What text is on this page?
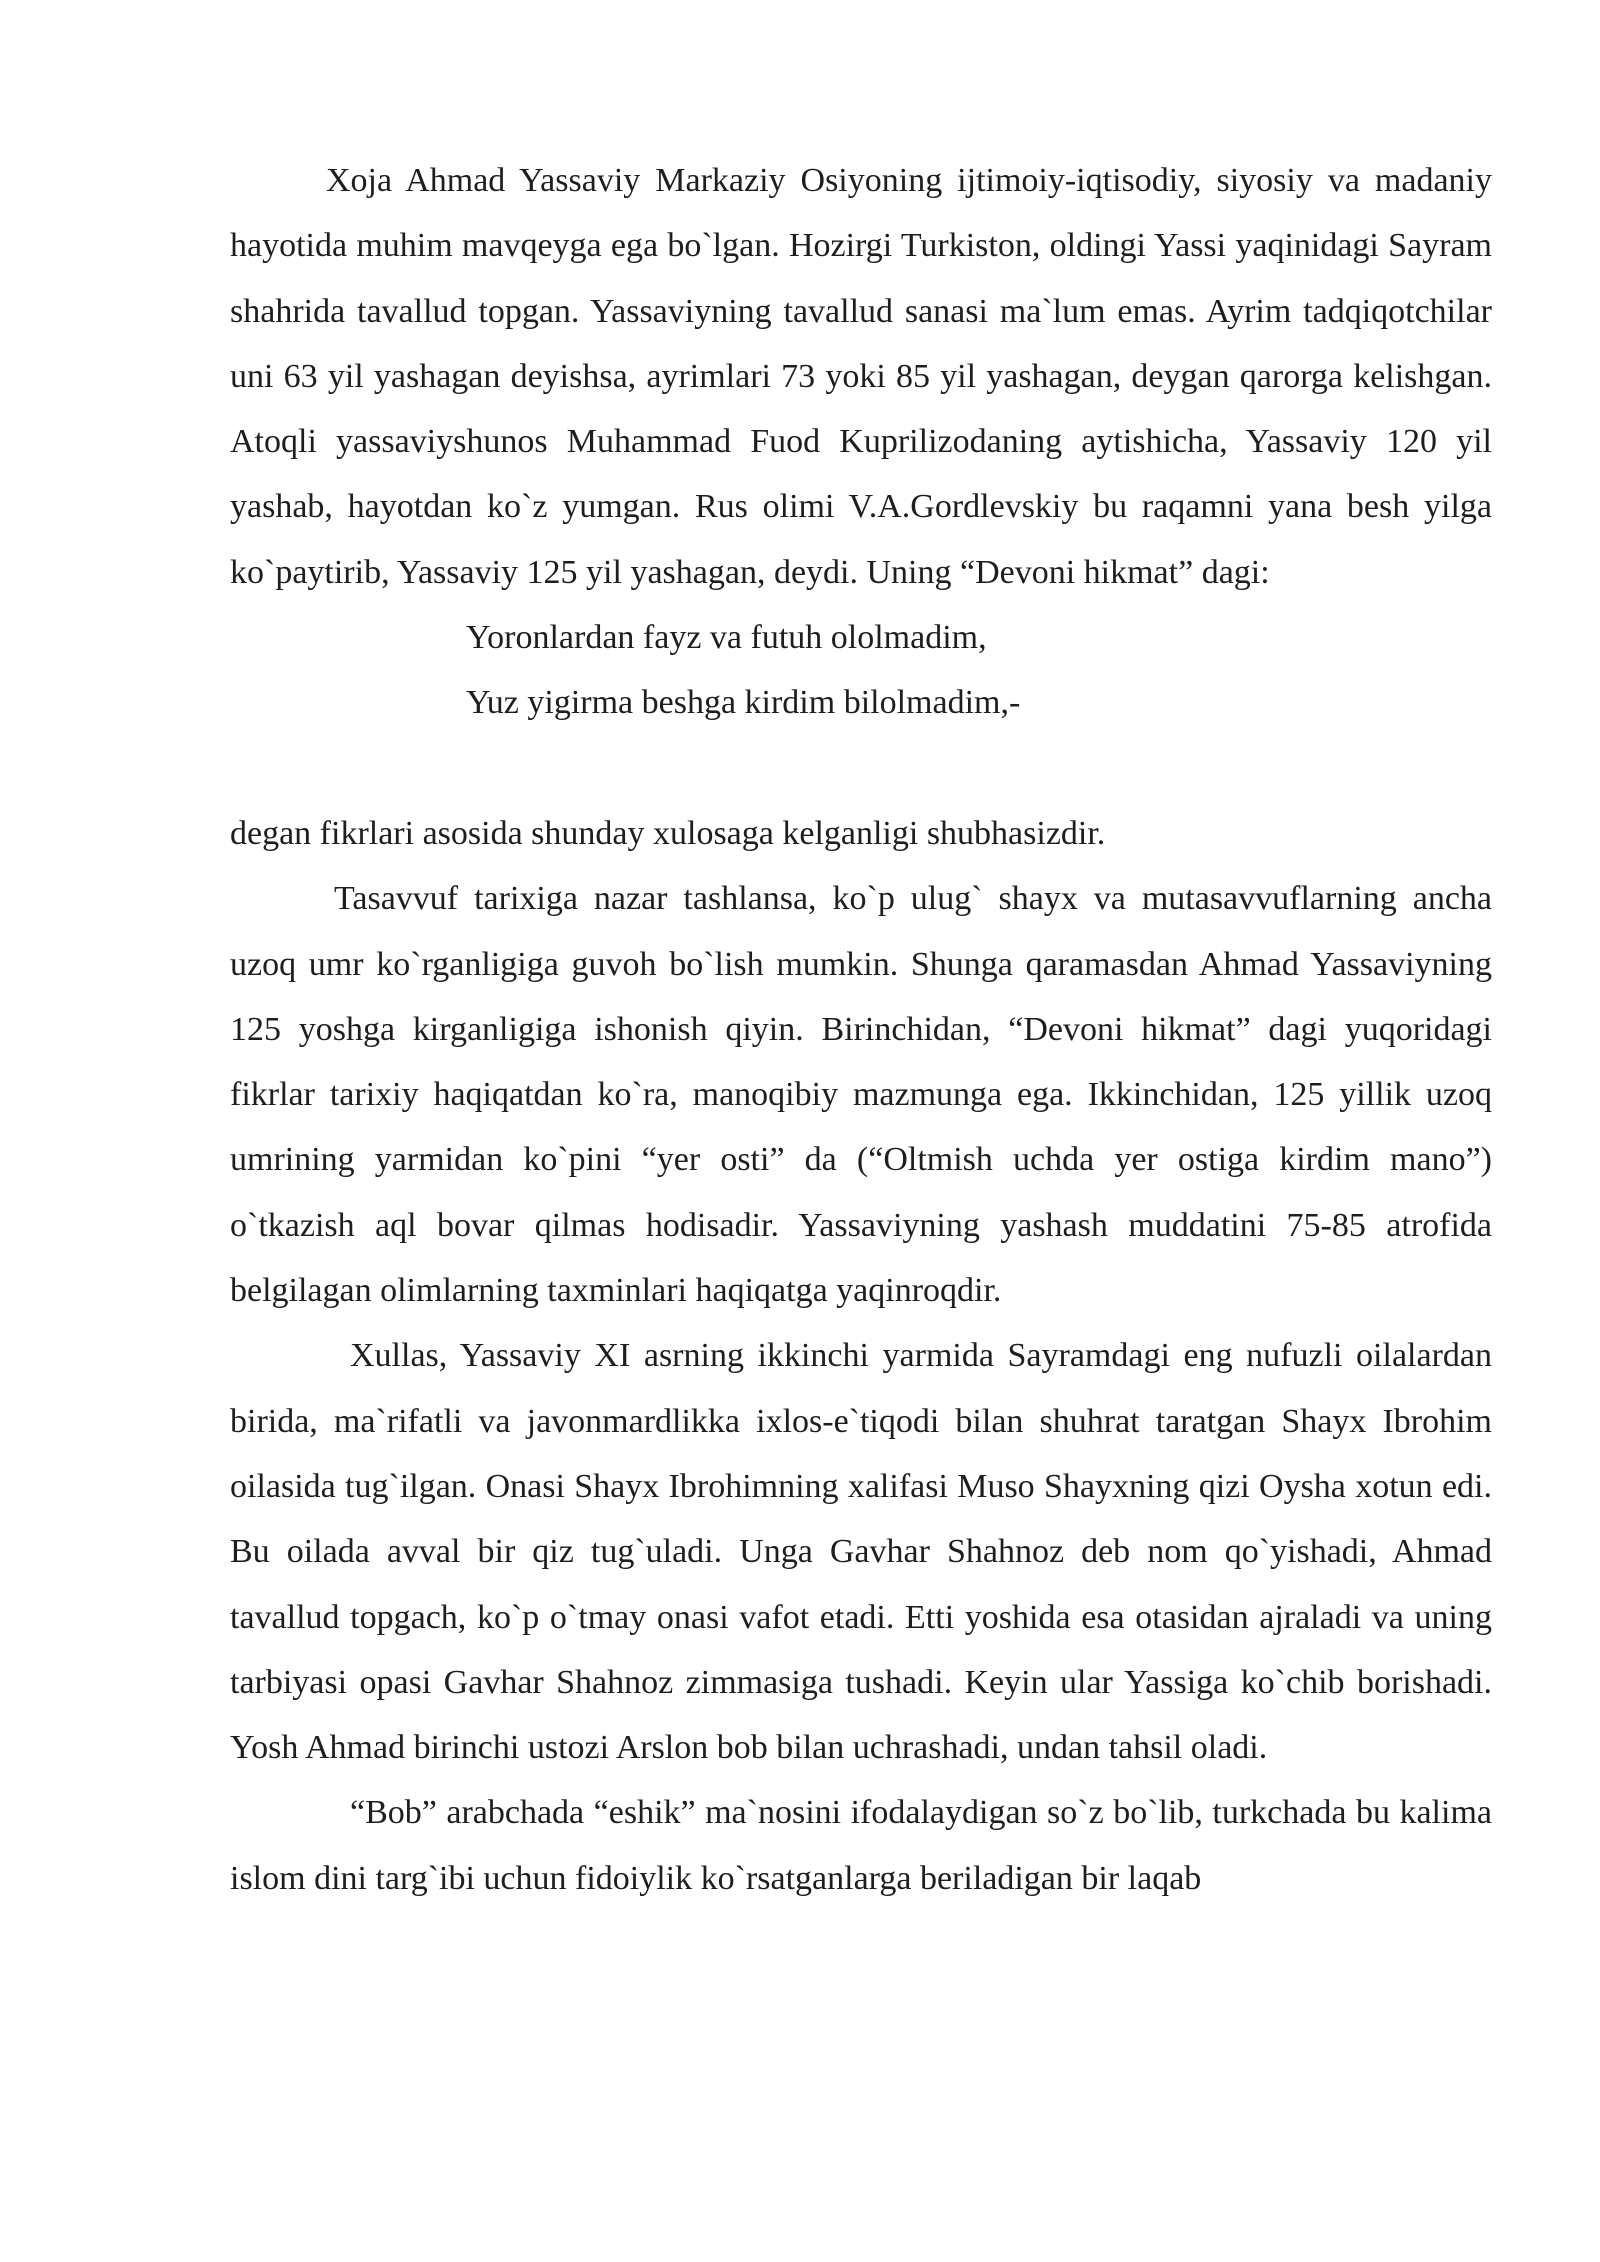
Xoja Ahmad Yassaviy Markaziy Osiyoning ijtimoiy-iqtisodiy, siyosiy va madaniy hayotida muhim mavqeyga ega bo`lgan. Hozirgi Turkiston, oldingi Yassi yaqinidagi Sayram shahrida tavallud topgan. Yassaviyning tavallud sanasi ma`lum emas. Ayrim tadqiqotchilar uni 63 yil yashagan deyishsa, ayrimlari 73 yoki 85 yil yashagan, deygan qarorga kelishgan. Atoqli yassaviyshunos Muhammad Fuod Kuprilizodaning aytishicha, Yassaviy 120 yil yashab, hayotdan ko`z yumgan. Rus olimi V.A.Gordlevskiy bu raqamni yana besh yilga ko`paytirib, Yassaviy 125 yil yashagan, deydi. Uning “Devoni hikmat” dagi:

Yoronlardan fayz va futuh ololmadim,

Yuz yigirma beshga kirdim bilolmadim,-

degan fikrlari asosida shunday xulosaga kelganligi shubhasizdir.

Tasavvuf tarixiga nazar tashlansa, ko`p ulug` shayx va mutasavvuflarning ancha uzoq umr ko`rganligiga guvoh bo`lish mumkin. Shunga qaramasdan Ahmad Yassaviyning 125 yoshga kirganligiga ishonish qiyin. Birinchidan, “Devoni hikmat” dagi yuqoridagi fikrlar tarixiy haqiqatdan ko`ra, manoqibiy mazmunga ega. Ikkinchidan, 125 yillik uzoq umrining yarmidan ko`pini “yer osti” da (“Oltmish uchda yer ostiga kirdim mano”) o`tkazish aql bovar qilmas hodisadir. Yassaviyning yashash muddatini 75-85 atrofida belgilagan olimlarning taxminlari haqiqatga yaqinroqdir.

Xullas, Yassaviy XI asrning ikkinchi yarmida Sayramdagi eng nufuzli oilalardan birida, ma`rifatli va javonmardlikka ixlos-e`tiqodi bilan shuhrat taratgan Shayx Ibrohim oilasida tug`ilgan. Onasi Shayx Ibrohimning xalifasi Muso Shayxning qizi Oysha xotun edi. Bu oilada avval bir qiz tug`uladi. Unga Gavhar Shahnoz deb nom qo`yishadi, Ahmad tavallud topgach, ko`p o`tmay onasi vafot etadi. Etti yoshida esa otasidan ajraladi va uning tarbiyasi opasi Gavhar Shahnoz zimmasiga tushadi. Keyin ular Yassiga ko`chib borishadi. Yosh Ahmad birinchi ustozi Arslon bob bilan uchrashadi, undan tahsil oladi.

“Bob” arabchada “eshik” ma`nosini ifodalaydigan so`z bo`lib, turkchada bu kalima islom dini targ`ibi uchun fidoiylik ko`rsatganlarga beriladigan bir laqab
